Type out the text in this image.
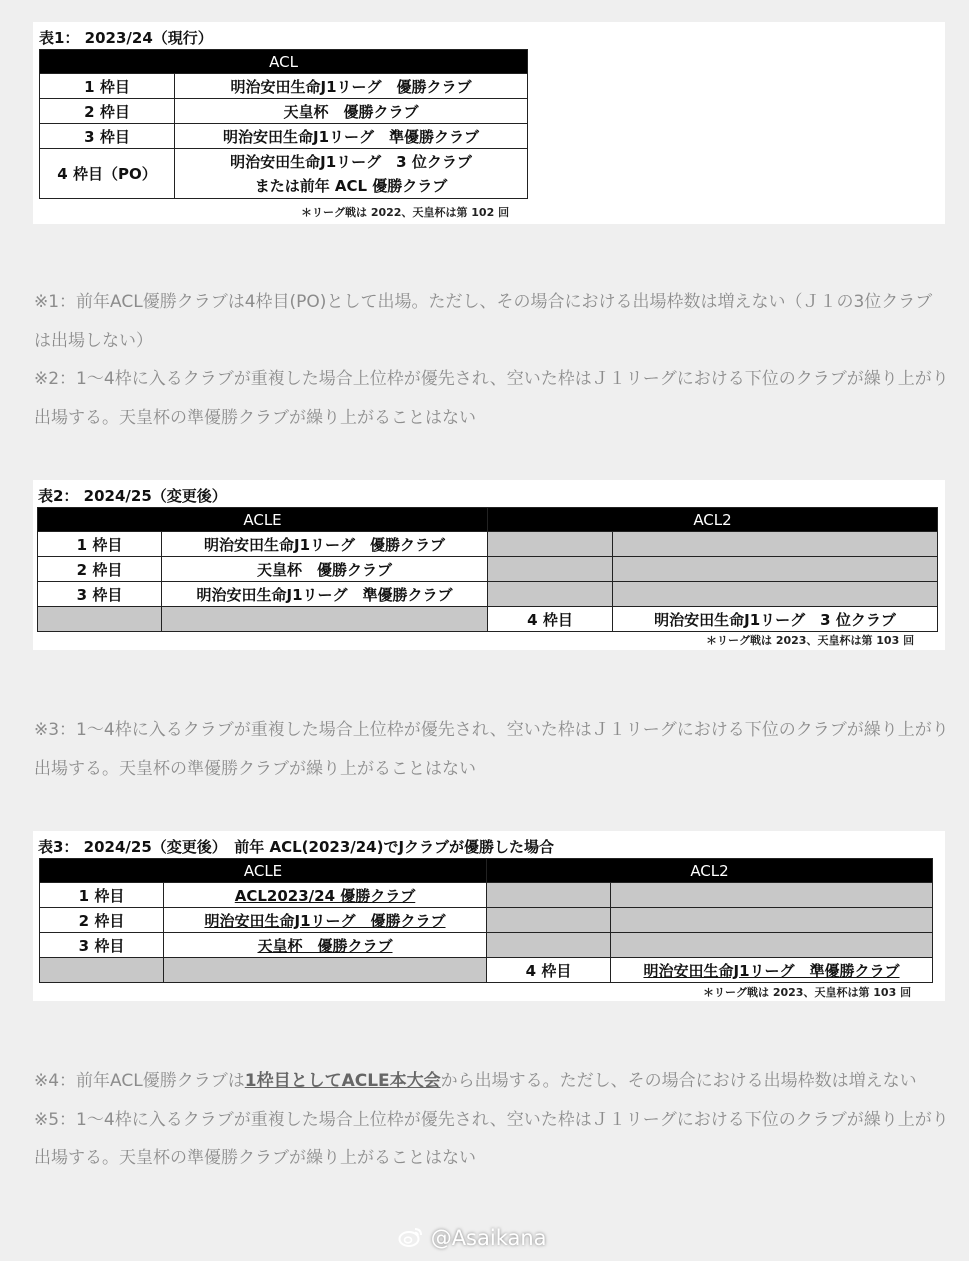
表1： 2023/24（現行）
ACL	
1 枠目	明治安田生命J1リーグ　優勝クラブ
2 枠目	天皇杯　優勝クラブ
3 枠目	明治安田生命J1リーグ　準優勝クラブ
4 枠目（PO）	明治安田生命J1リーグ　3 位クラブ
または前年 ACL 優勝クラブ
＊リーグ戦は 2022、天皇杯は第 102 回

※1：前年ACL優勝クラブは4枠目(PO)として出場。ただし、その場合における出場枠数は増えない（Ｊ１の3位クラブは出場しない）

※2：1〜4枠に入るクラブが重複した場合上位枠が優先され、空いた枠はＪ１リーグにおける下位のクラブが繰り上がり出場する。天皇杯の準優勝クラブが繰り上がることはない

表2： 2024/25（変更後）
ACLE		ACL2	
1 枠目	明治安田生命J1リーグ　優勝クラブ		
2 枠目	天皇杯　優勝クラブ		
3 枠目	明治安田生命J1リーグ　準優勝クラブ		
		4 枠目	明治安田生命J1リーグ　3 位クラブ
＊リーグ戦は 2023、天皇杯は第 103 回

※3：1〜4枠に入るクラブが重複した場合上位枠が優先され、空いた枠はＪ１リーグにおける下位のクラブが繰り上がり出場する。天皇杯の準優勝クラブが繰り上がることはない

表3： 2024/25（変更後）　前年 ACL(2023/24)でJクラブが優勝した場合
ACLE		ACL2	
1 枠目	ACL2023/24 優勝クラブ		
2 枠目	明治安田生命J1リーグ　優勝クラブ		
3 枠目	天皇杯　優勝クラブ		
		4 枠目	明治安田生命J1リーグ　準優勝クラブ
＊リーグ戦は 2023、天皇杯は第 103 回

※4：前年ACL優勝クラブは1枠目としてACLE本大会から出場する。ただし、その場合における出場枠数は増えない

※5：1〜4枠に入るクラブが重複した場合上位枠が優先され、空いた枠はＪ１リーグにおける下位のクラブが繰り上がり出場する。天皇杯の準優勝クラブが繰り上がることはない

@Asaikana
